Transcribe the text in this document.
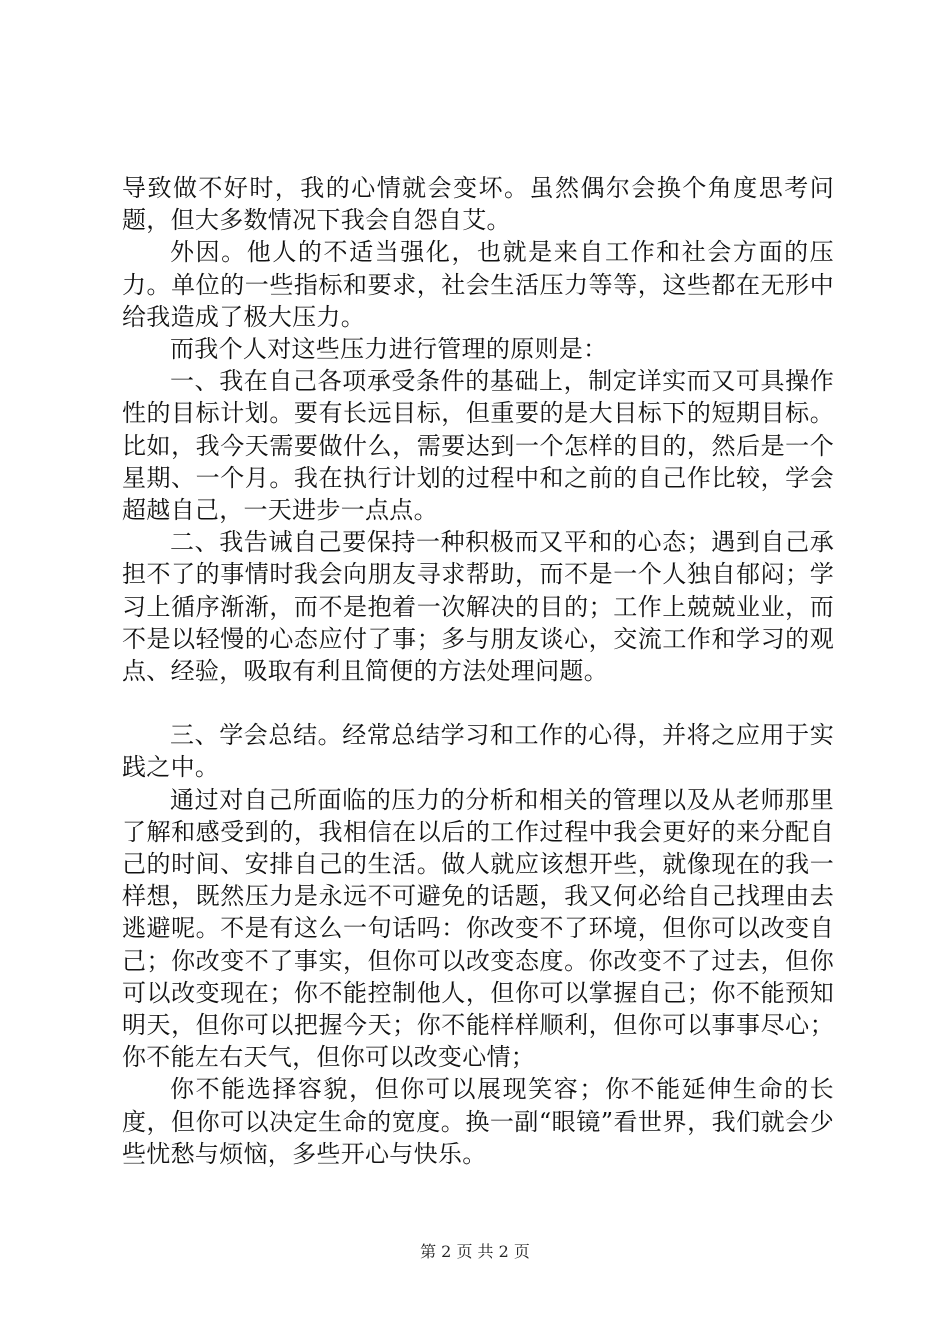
导致做不好时，我的心情就会变坏。虽然偶尔会换个角度思考问题，但大多数情况下我会自怨自艾。

外因。他人的不适当强化，也就是来自工作和社会方面的压力。单位的一些指标和要求，社会生活压力等等，这些都在无形中给我造成了极大压力。

而我个人对这些压力进行管理的原则是：

一、我在自己各项承受条件的基础上，制定详实而又可具操作性的目标计划。要有长远目标，但重要的是大目标下的短期目标。比如，我今天需要做什么，需要达到一个怎样的目的，然后是一个星期、一个月。我在执行计划的过程中和之前的自己作比较，学会超越自己，一天进步一点点。

二、我告诫自己要保持一种积极而又平和的心态；遇到自己承担不了的事情时我会向朋友寻求帮助，而不是一个人独自郁闷；学习上循序渐渐，而不是抱着一次解决的目的；工作上兢兢业业，而不是以轻慢的心态应付了事；多与朋友谈心，交流工作和学习的观点、经验，吸取有利且简便的方法处理问题。

三、学会总结。经常总结学习和工作的心得，并将之应用于实践之中。

通过对自己所面临的压力的分析和相关的管理以及从老师那里了解和感受到的，我相信在以后的工作过程中我会更好的来分配自己的时间、安排自己的生活。做人就应该想开些，就像现在的我一样想，既然压力是永远不可避免的话题，我又何必给自己找理由去逃避呢。不是有这么一句话吗：你改变不了环境，但你可以改变自己；你改变不了事实，但你可以改变态度。你改变不了过去，但你可以改变现在；你不能控制他人，但你可以掌握自己；你不能预知明天，但你可以把握今天；你不能样样顺利，但你可以事事尽心；你不能左右天气，但你可以改变心情；

你不能选择容貌，但你可以展现笑容；你不能延伸生命的长度，但你可以决定生命的宽度。换一副“眼镜”看世界，我们就会少些忧愁与烦恼，多些开心与快乐。

第 2 页 共 2 页
